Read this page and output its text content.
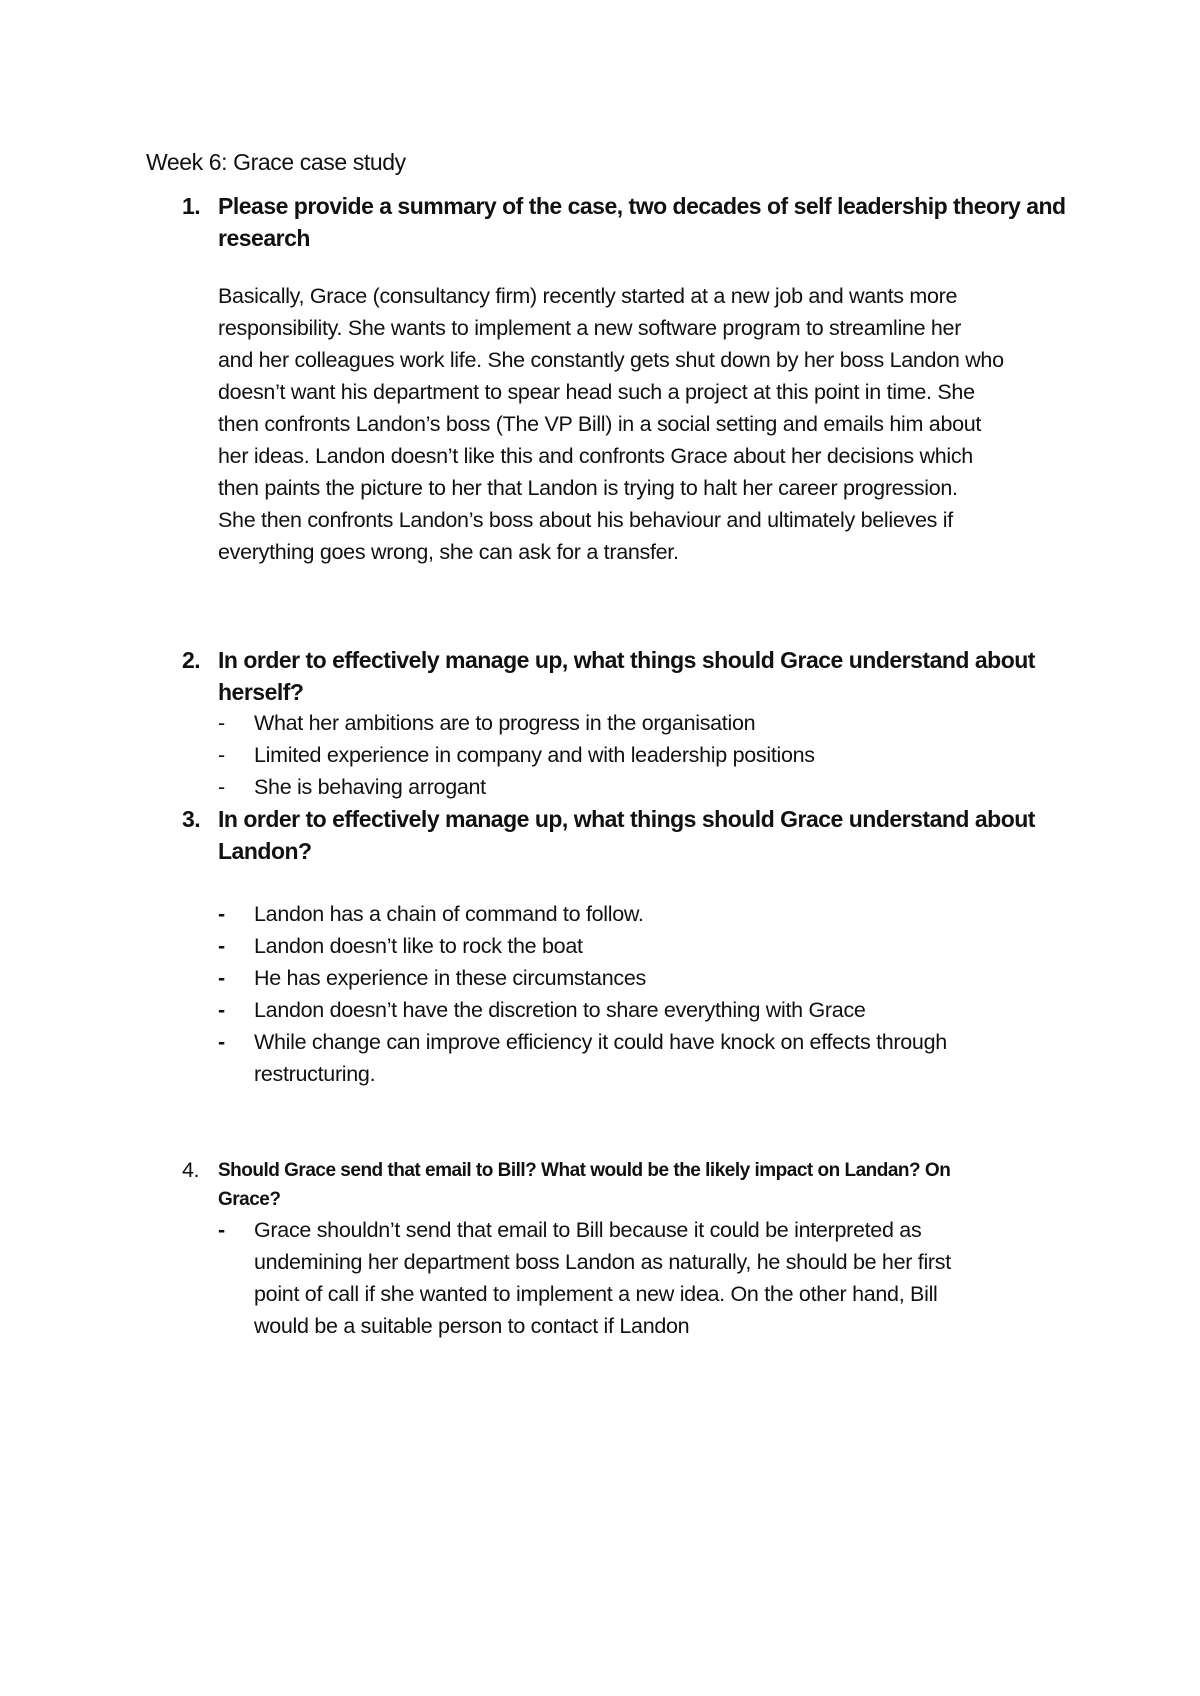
Week 6: Grace case study
1. Please provide a summary of the case, two decades of self leadership theory and
research
Basically, Grace (consultancy firm) recently started at a new job and wants more
responsibility. She wants to implement a new software program to streamline her
and her colleagues work life. She constantly gets shut down by her boss Landon who
doesn’t want his department to spear head such a project at this point in time. She
then confronts Landon’s boss (The VP Bill) in a social setting and emails him about
her ideas. Landon doesn’t like this and confronts Grace about her decisions which
then paints the picture to her that Landon is trying to halt her career progression.
She then confronts Landon’s boss about his behaviour and ultimately believes if
everything goes wrong, she can ask for a transfer.
2. In order to effectively manage up, what things should Grace understand about
herself?
-	What her ambitions are to progress in the organisation
-	Limited experience in company and with leadership positions
-	She is behaving arrogant
3. In order to effectively manage up, what things should Grace understand about
Landon?
-	Landon has a chain of command to follow.
-	Landon doesn’t like to rock the boat
-	He has experience in these circumstances
-	Landon doesn’t have the discretion to share everything with Grace
-	While change can improve efficiency it could have knock on effects through
restructuring.
4.	Should Grace send that email to Bill? What would be the likely impact on Landan? On
Grace?
-	Grace shouldn’t send that email to Bill because it could be interpreted as
undemining her department boss Landon as naturally, he should be her first
point of call if she wanted to implement a new idea. On the other hand, Bill
would be a suitable person to contact if Landon
